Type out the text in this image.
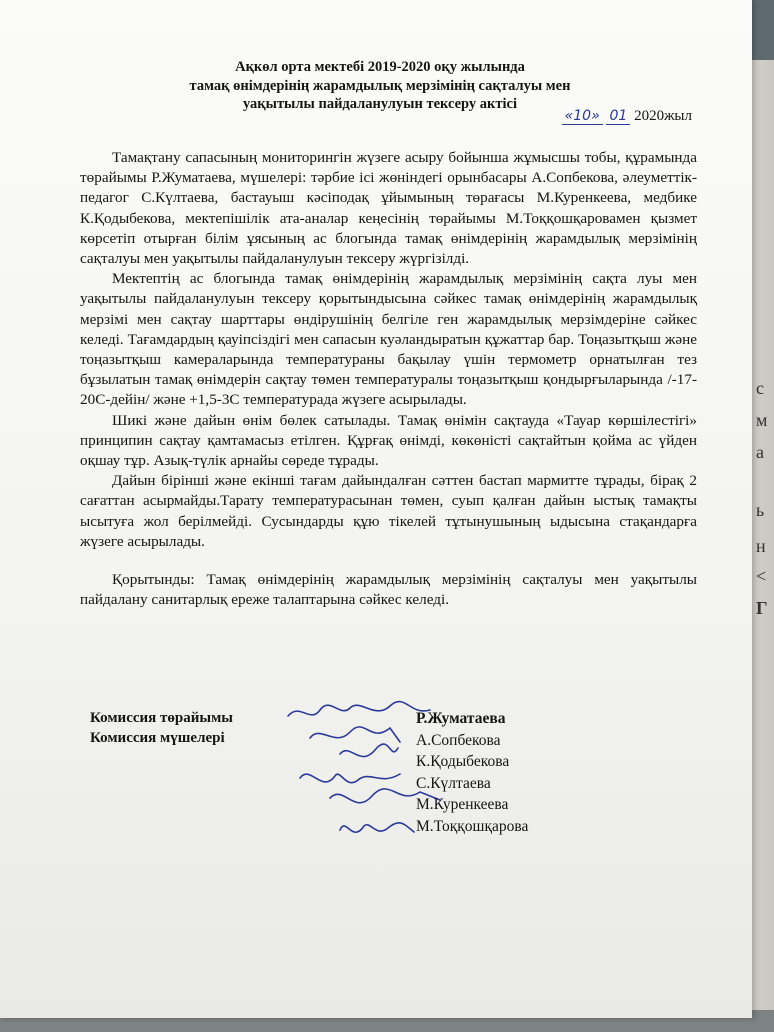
с
м
а
ь
н
<
Г
Ақкөл орта мектебі 2019-2020 оқу жылында
тамақ өнімдерінің жарамдылық мерзімінің сақталуы мен
уақытылы пайдаланулуын тексеру актісі
«10» 01 2020жыл

Тамақтану сапасының мониторингін жүзеге асыру бойынша жұмысшы тобы, құрамында төрайымы Р.Жуматаева, мүшелері: тәрбие ісі жөніндегі орынбасары А.Сопбекова, әлеуметтік-педагог С.Күлтаева, бастауыш кәсіподақ ұйымының төрағасы М.Куренкеева, медбике К.Қодыбекова, мектепішілік ата-аналар кеңесінің төрайымы М.Тоққошқаровамен қызмет көрсетіп отырған білім ұясының ас блогында тамақ өнімдерінің жарамдылық мерзімінің сақталуы мен уақытылы пайдаланулуын тексеру жүргізілді.

Мектептің ас блогында тамақ өнімдерінің жарамдылық мерзімінің сақта луы мен уақытылы пайдаланулуын тексеру қорытындысына сәйкес тамақ өнімдерінің жарамдылық мерзімі мен сақтау шарттары өндірушінің белгіле ген жарамдылық мерзімдеріне сәйкес келеді. Тағамдардың қауіпсіздігі мен сапасын куәландыратын құжаттар бар. Тоңазытқыш және тоңазытқыш камераларында температураны бақылау үшін термометр орнатылған тез бұзылатын тамақ өнімдерін сақтау төмен температуралы тоңазытқыш қондырғыларында /-17-20С-дейін/ және +1,5-3С температурада жүзеге асырылады.

Шикі және дайын өнім бөлек сатылады. Тамақ өнімін сақтауда «Тауар көршілестігі» принципин сақтау қамтамасыз етілген. Құрғақ өнімді, көкөністі сақтайтын қойма ас үйден оқшау тұр. Азық-түлік арнайы сөреде тұрады.

Дайын бірінші және екінші тағам дайындалған сәттен бастап мармитте тұрады, бірақ 2 сағаттан асырмайды.Тарату температурасынан төмен, суып қалған дайын ыстық тамақты ысытуға жол берілмейді. Сусындарды құю тікелей тұтынушының ыдысына стақандарға жүзеге асырылады.

Қорытынды: Тамақ өнімдерінің жарамдылық мерзімінің сақталуы мен уақытылы пайдалану санитарлық ереже талаптарына сәйкес келеді.

Комиссия төрайымы
Комиссия мүшелері
Р.Жуматаева
А.Сопбекова
К.Қодыбекова
С.Күлтаева
М.Куренкеева
М.Тоққошқарова
